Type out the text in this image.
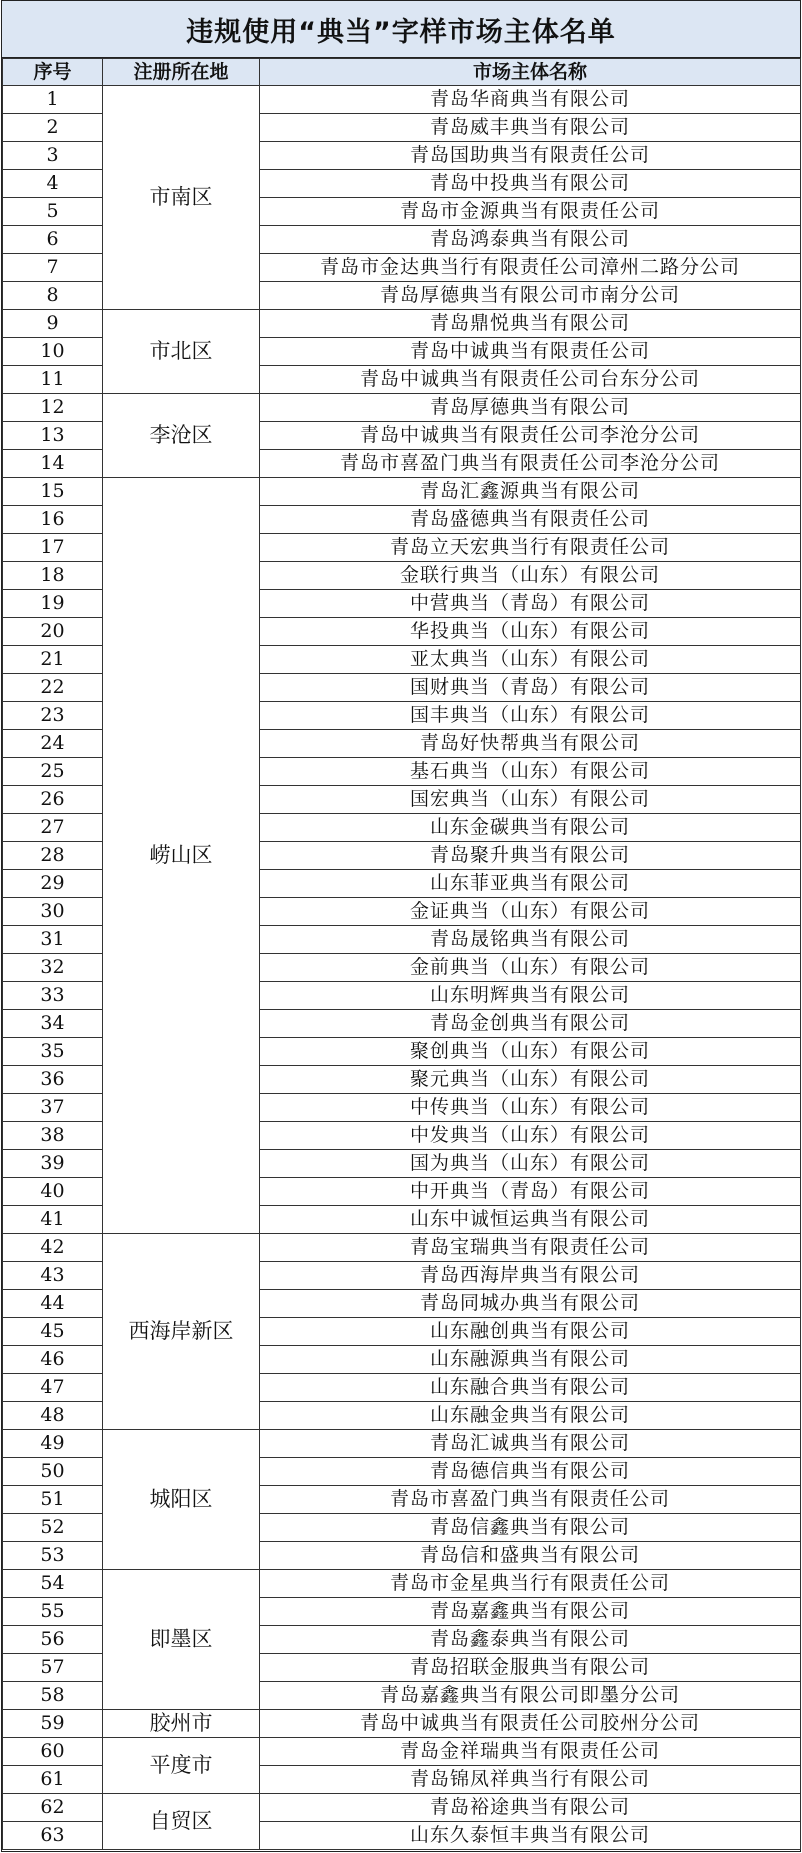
违规使用“典当”字样市场主体名单
序号	注册所在地	市场主体名称
1	市南区	青岛华商典当有限公司
2		青岛威丰典当有限公司
3		青岛国助典当有限责任公司
4		青岛中投典当有限公司
5		青岛市金源典当有限责任公司
6		青岛鸿泰典当有限公司
7		青岛市金达典当行有限责任公司漳州二路分公司
8		青岛厚德典当有限公司市南分公司
9	市北区	青岛鼎悦典当有限公司
10		青岛中诚典当有限责任公司
11		青岛中诚典当有限责任公司台东分公司
12	李沧区	青岛厚德典当有限公司
13		青岛中诚典当有限责任公司李沧分公司
14		青岛市喜盈门典当有限责任公司李沧分公司
15	崂山区	青岛汇鑫源典当有限公司
16		青岛盛德典当有限责任公司
17		青岛立天宏典当行有限责任公司
18		金联行典当（山东）有限公司
19		中营典当（青岛）有限公司
20		华投典当（山东）有限公司
21		亚太典当（山东）有限公司
22		国财典当（青岛）有限公司
23		国丰典当（山东）有限公司
24		青岛好快帮典当有限公司
25		基石典当（山东）有限公司
26		国宏典当（山东）有限公司
27		山东金碳典当有限公司
28		青岛聚升典当有限公司
29		山东菲亚典当有限公司
30		金证典当（山东）有限公司
31		青岛晟铭典当有限公司
32		金前典当（山东）有限公司
33		山东明辉典当有限公司
34		青岛金创典当有限公司
35		聚创典当（山东）有限公司
36		聚元典当（山东）有限公司
37		中传典当（山东）有限公司
38		中发典当（山东）有限公司
39		国为典当（山东）有限公司
40		中开典当（青岛）有限公司
41		山东中诚恒运典当有限公司
42	西海岸新区	青岛宝瑞典当有限责任公司
43		青岛西海岸典当有限公司
44		青岛同城办典当有限公司
45		山东融创典当有限公司
46		山东融源典当有限公司
47		山东融合典当有限公司
48		山东融金典当有限公司
49	城阳区	青岛汇诚典当有限公司
50		青岛德信典当有限公司
51		青岛市喜盈门典当有限责任公司
52		青岛信鑫典当有限公司
53		青岛信和盛典当有限公司
54	即墨区	青岛市金星典当行有限责任公司
55		青岛嘉鑫典当有限公司
56		青岛鑫泰典当有限公司
57		青岛招联金服典当有限公司
58		青岛嘉鑫典当有限公司即墨分公司
59	胶州市	青岛中诚典当有限责任公司胶州分公司
60	平度市	青岛金祥瑞典当有限责任公司
61		青岛锦凤祥典当行有限公司
62	自贸区	青岛裕途典当有限公司
63		山东久泰恒丰典当有限公司
